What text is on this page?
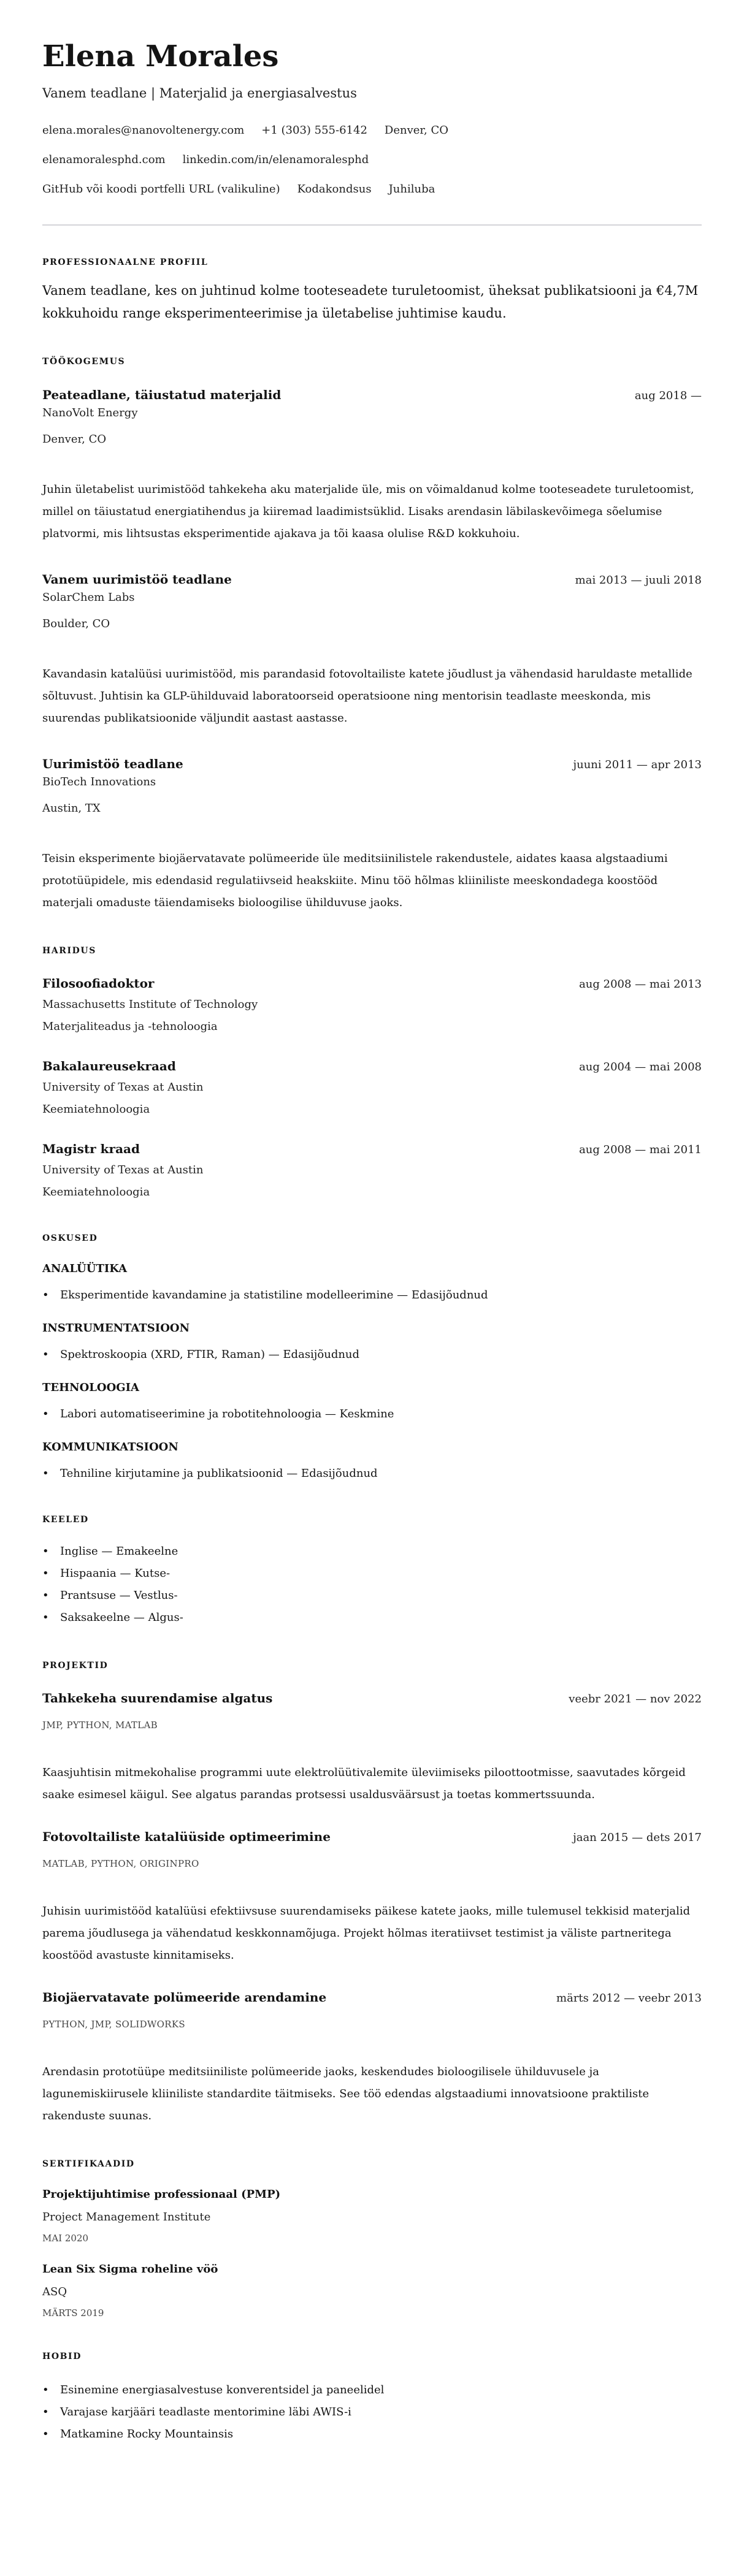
Elena Morales
Vanem teadlane | Materjalid ja energiasalvestus
elena.morales@nanovoltenergy.com +1 (303) 555-6142 Denver, CO
elenamoralesphd.com linkedin.com/in/elenamoralesphd
GitHub või koodi portfelli URL (valikuline) Kodakondsus Juhiluba
PROFESSIONAALNE PROFIIL

Vanem teadlane, kes on juhtinud kolme tooteseadete turuletoomist, üheksat publikatsiooni ja €4,7M kokkuhoidu range eksperimenteerimise ja ületabelise juhtimise kaudu.

TÖÖKOGEMUS
Peateadlane, täiustatud materjalid	aug 2018 —
NanoVolt Energy
Denver, CO

Juhin ületabelist uurimistööd tahkekeha aku materjalide üle, mis on võimaldanud kolme tooteseadete turuletoomist, millel on täiustatud energiatihendus ja kiiremad laadimistsüklid. Lisaks arendasin läbilaskevõimega sõelumise platvormi, mis lihtsustas eksperimentide ajakava ja tõi kaasa olulise R&D kokkuhoiu.

Vanem uurimistöö teadlane	mai 2013 — juuli 2018
SolarChem Labs
Boulder, CO

Kavandasin katalüüsi uurimistööd, mis parandasid fotovoltailiste katete jõudlust ja vähendasid haruldaste metallide sõltuvust. Juhtisin ka GLP-ühilduvaid laboratoorseid operatsioone ning mentorisin teadlaste meeskonda, mis suurendas publikatsioonide väljundit aastast aastasse.

Uurimistöö teadlane	juuni 2011 — apr 2013
BioTech Innovations
Austin, TX

Teisin eksperimente biojäervatavate polümeeride üle meditsiinilistele rakendustele, aidates kaasa algstaadiumi prototüüpidele, mis edendasid regulatiivseid heakskiite. Minu töö hõlmas kliiniliste meeskondadega koostööd materjali omaduste täiendamiseks bioloogilise ühilduvuse jaoks.

HARIDUS
Filosoofiadoktor	aug 2008 — mai 2013
Massachusetts Institute of Technology
Materjaliteadus ja -tehnoloogia
Bakalaureusekraad	aug 2004 — mai 2008
University of Texas at Austin
Keemiatehnoloogia
Magistr kraad	aug 2008 — mai 2011
University of Texas at Austin
Keemiatehnoloogia
OSKUSED
ANALÜÜTIKA
• Eksperimentide kavandamine ja statistiline modelleerimine — Edasijõudnud
INSTRUMENTATSIOON
• Spektroskoopia (XRD, FTIR, Raman) — Edasijõudnud
TEHNOLOOGIA
• Labori automatiseerimine ja robotitehnoloogia — Keskmine
KOMMUNIKATSIOON
• Tehniline kirjutamine ja publikatsioonid — Edasijõudnud
KEELED
• Inglise — Emakeelne
• Hispaania — Kutse-
• Prantsuse — Vestlus-
• Saksakeelne — Algus-
PROJEKTID
Tahkekeha suurendamise algatus	veebr 2021 — nov 2022
JMP, PYTHON, MATLAB

Kaasjuhtisin mitmekohalise programmi uute elektrolüütivalemite üleviimiseks piloottootmisse, saavutades kõrgeid saake esimesel käigul. See algatus parandas protsessi usaldusväärsust ja toetas kommertssuunda.

Fotovoltailiste katalüüside optimeerimine	jaan 2015 — dets 2017
MATLAB, PYTHON, ORIGINPRO

Juhisin uurimistööd katalüüsi efektiivsuse suurendamiseks päikese katete jaoks, mille tulemusel tekkisid materjalid parema jõudlusega ja vähendatud keskkonnamõjuga. Projekt hõlmas iteratiivset testimist ja väliste partneritega koostööd avastuste kinnitamiseks.

Biojäervatavate polümeeride arendamine	märts 2012 — veebr 2013
PYTHON, JMP, SOLIDWORKS

Arendasin prototüüpe meditsiiniliste polümeeride jaoks, keskendudes bioloogilisele ühilduvusele ja lagunemiskiirusele kliiniliste standardite täitmiseks. See töö edendas algstaadiumi innovatsioone praktiliste rakenduste suunas.

SERTIFIKAADID
Projektijuhtimise professionaal (PMP)
Project Management Institute
MAI 2020
Lean Six Sigma roheline vöö
ASQ
MÄRTS 2019
HOBID
• Esinemine energiasalvestuse konverentsidel ja paneelidel
• Varajase karjääri teadlaste mentorimine läbi AWIS-i
• Matkamine Rocky Mountainsis
